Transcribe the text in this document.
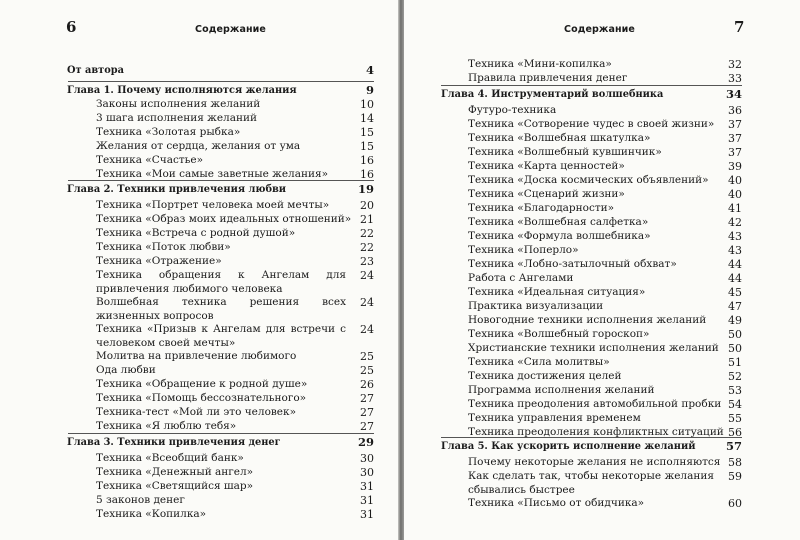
6	Содержание
От автора	4
Глава 1. Почему исполняются желания	9
Законы исполнения желаний	10
3 шага исполнения желаний	14
Техника «Золотая рыбка»	15
Желания от сердца, желания от ума	15
Техника «Счастье»	16
Техника «Мои самые заветные желания»	16
Глава 2. Техники привлечения любви	19
Техника «Портрет человека моей мечты»	20
Техника «Образ моих идеальных отношений» 21
Техника «Встреча с родной душой»	22
Техника «Поток любви»	22
Техника «Отражение»	23
Техника обращения к Ангелам для привлечения любимого человека
24
Волшебная техника решения всех жизненных вопросов
24
Техника «Призыв к Ангелам для встречи с человеком своей мечты»
24
Молитва на привлечение любимого	25
Ода любви	25
Техника «Обращение к родной душе»	26
Техника «Помощь бессознательного»	27
Техника-тест «Мой ли это человек»	27
Техника «Я люблю тебя»	27
Глава 3. Техники привлечения денег	29
Техника «Всеобщий банк»	30
Техника «Денежный ангел»	30
Техника «Светящийся шар»	31
5 законов денег	31
Техника «Копилка»	31
7
Содержание
Техника «Мини-копилка»	32
Правила привлечения денег	33
Глава 4. Инструментарий волшебника	34
Футуро-техника	36
Техника «Сотворение чудес в своей жизни»	37
Техника «Волшебная шкатулка»	37
Техника «Волшебный кувшинчик»	37
Техника «Карта ценностей»	39
Техника «Доска космических объявлений»	40
Техника «Сценарий жизни»	40
Техника «Благодарности»	41
Техника «Волшебная салфетка»	42
Техника «Формула волшебника»	43
Техника «Поперло»	43
Техника «Лобно-затылочный обхват»	44
Работа с Ангелами	44
Техника «Идеальная ситуация»	45
Практика визуализации	47
Новогодние техники исполнения желаний	49
Техника «Волшебный гороскоп»	50
Христианские техники исполнения желаний 50
Техника «Сила молитвы»	51
Техника достижения целей	52
Программа исполнения желаний	53
Техника преодоления автомобильной пробки 54
Техника управления временем	55
Техника преодоления конфликтных ситуаций 56
Глава 5. Как ускорить исполнение желаний	57
Почему некоторые желания не исполняются 58
Как сделать так, чтобы некоторые желания сбывались быстрее
59
Техника «Письмо от обидчика»	60
